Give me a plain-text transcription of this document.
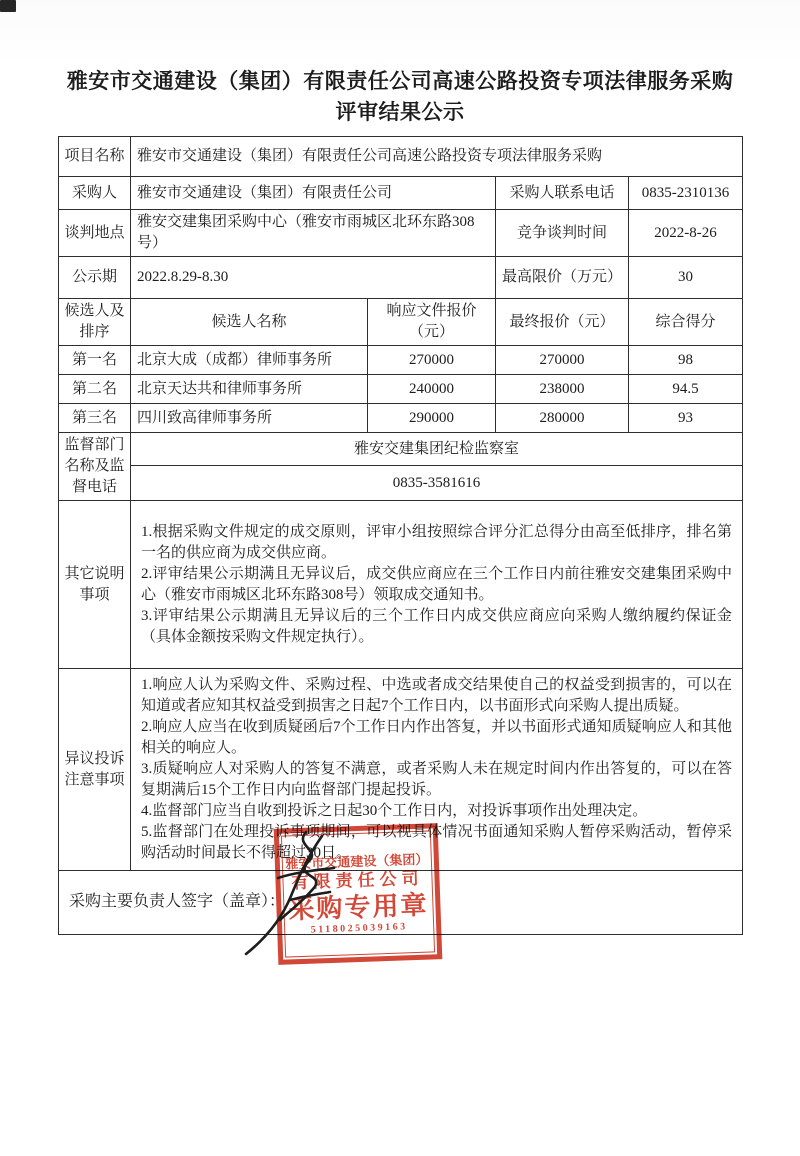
雅安市交通建设（集团）有限责任公司高速公路投资专项法律服务采购
评审结果公示
项目名称	雅安市交通建设（集团）有限责任公司高速公路投资专项法律服务采购			
采购人	雅安市交通建设（集团）有限责任公司		采购人联系电话	0835-2310136
谈判地点	雅安交建集团采购中心（雅安市雨城区北环东路308号）		竞争谈判时间	2022-8-26
公示期	2022.8.29-8.30		最高限价（万元）	30
候选人及排序	候选人名称	响应文件报价（元）	最终报价（元）	综合得分
第一名	北京大成（成都）律师事务所	270000	270000	98
第二名	北京天达共和律师事务所	240000	238000	94.5
第三名	四川致高律师事务所	290000	280000	93
监督部门名称及监督电话	雅安交建集团纪检监察室			
	0835-3581616			
其它说明事项	1.根据采购文件规定的成交原则，评审小组按照综合评分汇总得分由高至低排序，排名第一名的供应商为成交供应商。

2.评审结果公示期满且无异议后，成交供应商应在三个工作日内前往雅安交建集团采购中心（雅安市雨城区北环东路308号）领取成交通知书。

3.评审结果公示期满且无异议后的三个工作日内成交供应商应向采购人缴纳履约保证金（具体金额按采购文件规定执行）。			

异议投诉注意事项	1.响应人认为采购文件、采购过程、中选或者成交结果使自己的权益受到损害的，可以在知道或者应知其权益受到损害之日起7个工作日内，以书面形式向采购人提出质疑。

2.响应人应当在收到质疑函后7个工作日内作出答复，并以书面形式通知质疑响应人和其他相关的响应人。

3.质疑响应人对采购人的答复不满意，或者采购人未在规定时间内作出答复的，可以在答复期满后15个工作日内向监督部门提起投诉。

4.监督部门应当自收到投诉之日起30个工作日内，对投诉事项作出处理决定。

5.监督部门在处理投诉事项期间，可以视具体情况书面通知采购人暂停采购活动，暂停采购活动时间最长不得超过30日。			

采购主要负责人签字（盖章）：				
雅安市交通建设（集团）
有限责任公司
采购专用章
5118025039163
